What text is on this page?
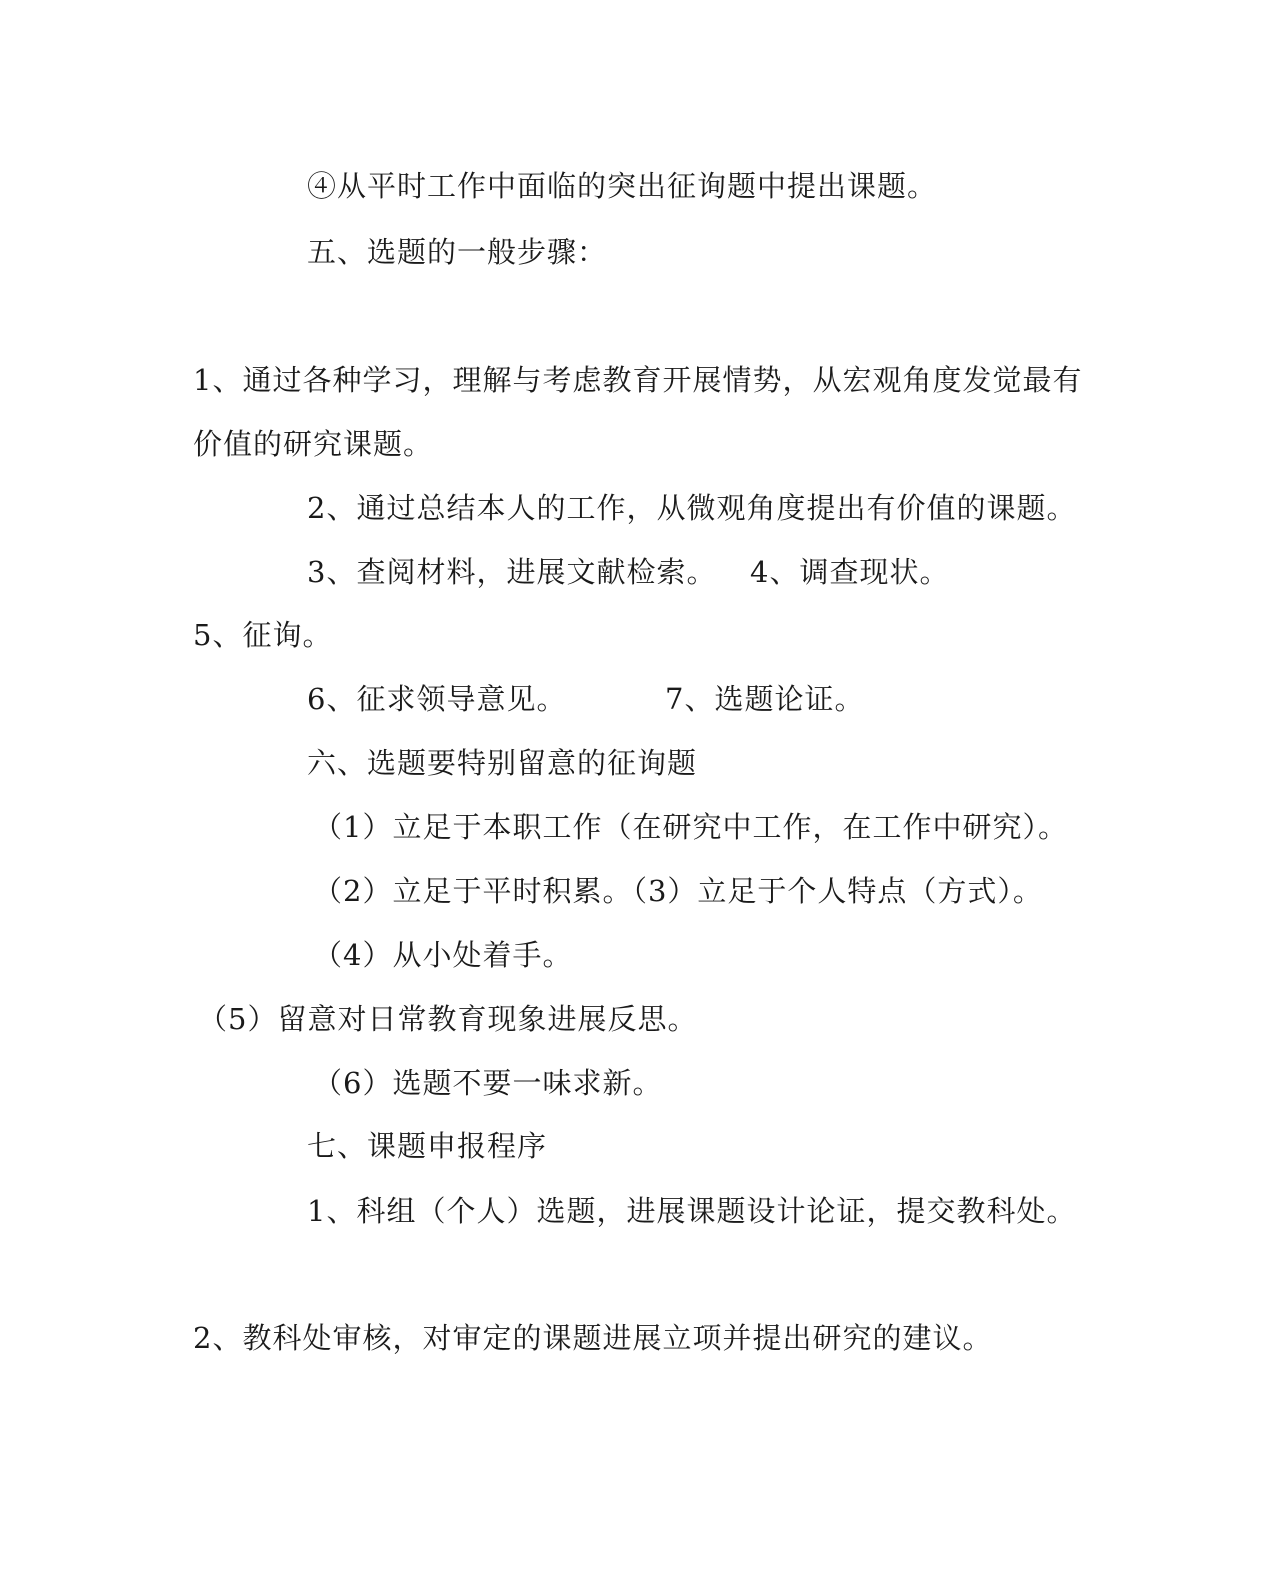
④从平时工作中面临的突出征询题中提出课题。
五、选题的一般步骤：
1、通过各种学习，理解与考虑教育开展情势，从宏观角度发觉最有
价值的研究课题。
2、通过总结本人的工作，从微观角度提出有价值的课题。
3、查阅材料，进展文献检索。 4、调查现状。
5、征询。
6、征求领导意见。	7、选题论证。
六、选题要特别留意的征询题
（1）立足于本职工作（在研究中工作，在工作中研究）。
（2）立足于平时积累。（3）立足于个人特点（方式）。
（4）从小处着手。
（5）留意对日常教育现象进展反思。
（6）选题不要一味求新。
七、课题申报程序
1、科组（个人）选题，进展课题设计论证，提交教科处。
2、教科处审核，对审定的课题进展立项并提出研究的建议。
